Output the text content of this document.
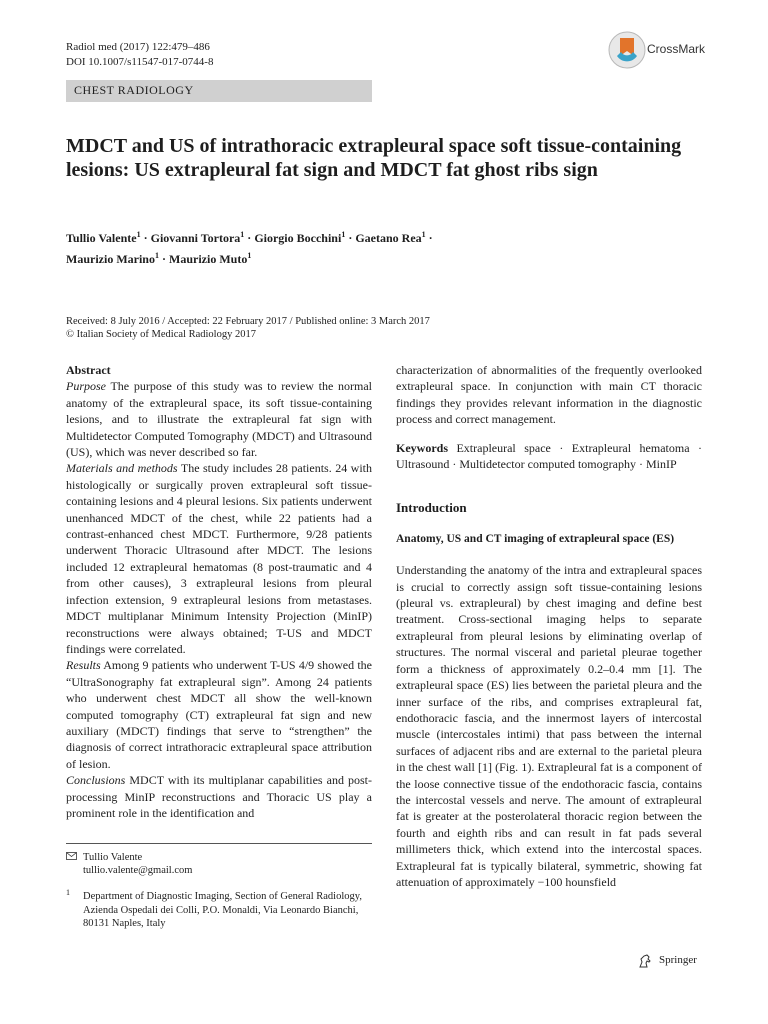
Radiol med (2017) 122:479–486
DOI 10.1007/s11547-017-0744-8
CrossMark
CHEST RADIOLOGY
MDCT and US of intrathoracic extrapleural space soft tissue-containing lesions: US extrapleural fat sign and MDCT fat ghost ribs sign
Tullio Valente$^1$ · Giovanni Tortora$^1$ · Giorgio Bocchini$^1$ · Gaetano Rea$^1$ ·
Maurizio Marino$^1$ · Maurizio Muto$^1$
Received: 8 July 2016 / Accepted: 22 February 2017 / Published online: 3 March 2017
© Italian Society of Medical Radiology 2017

Abstract

Purpose The purpose of this study was to review the normal anatomy of the extrapleural space, its soft tissue-containing lesions, and to illustrate the extrapleural fat sign with Multidetector Computed Tomography (MDCT) and Ultrasound (US), which was never described so far.

Materials and methods The study includes 28 patients. 24 with histologically or surgically proven extrapleural soft tissue-containing lesions and 4 pleural lesions. Six patients underwent unenhanced MDCT of the chest, while 22 patients had a contrast-enhanced chest MDCT. Furthermore, 9/28 patients underwent Thoracic Ultrasound after MDCT. The lesions included 12 extrapleural hematomas (8 post-traumatic and 4 from other causes), 3 extrapleural lesions from pleural infection extension, 9 extrapleural lesions from metastases. MDCT multiplanar Minimum Intensity Projection (MinIP) reconstructions were always obtained; T-US and MDCT findings were correlated.

Results Among 9 patients who underwent T-US 4/9 showed the “UltraSonography fat extrapleural sign”. Among 24 patients who underwent chest MDCT all show the well-known computed tomography (CT) extrapleural fat sign and new auxiliary (MDCT) findings that serve to “strengthen” the diagnosis of correct intrathoracic extrapleural space attribution of lesion.

Conclusions MDCT with its multiplanar capabilities and post-processing MinIP reconstructions and Thoracic US play a prominent role in the identification and

Tullio Valente
tullio.valente@gmail.com
1 Department of Diagnostic Imaging, Section of General Radiology, Azienda Ospedali dei Colli, P.O. Monaldi, Via Leonardo Bianchi, 80131 Naples, Italy

characterization of abnormalities of the frequently overlooked extrapleural space. In conjunction with main CT thoracic findings they provides relevant information in the diagnostic process and correct management.

Keywords Extrapleural space · Extrapleural hematoma · Ultrasound · Multidetector computed tomography · MinIP

Introduction

Anatomy, US and CT imaging of extrapleural space (ES)

Understanding the anatomy of the intra and extrapleural spaces is crucial to correctly assign soft tissue-containing lesions (pleural vs. extrapleural) by chest imaging and define best treatment. Cross-sectional imaging helps to separate extrapleural from pleural lesions by eliminating overlap of structures. The normal visceral and parietal pleurae together form a thickness of approximately 0.2–0.4 mm [1]. The extrapleural space (ES) lies between the parietal pleura and the inner surface of the ribs, and comprises extrapleural fat, endothoracic fascia, and the innermost layers of intercostal muscle (intercostales intimi) that pass between the internal surfaces of adjacent ribs and are external to the parietal pleura in the chest wall [1] (Fig. 1). Extrapleural fat is a component of the loose connective tissue of the endothoracic fascia, contains the intercostal vessels and nerve. The amount of extrapleural fat is greater at the posterolateral thoracic region between the fourth and eighth ribs and can result in fat pads several millimeters thick, which extend into the intercostal spaces. Extrapleural fat is typically bilateral, symmetric, showing fat attenuation of approximately −100 hounsfield

Springer
